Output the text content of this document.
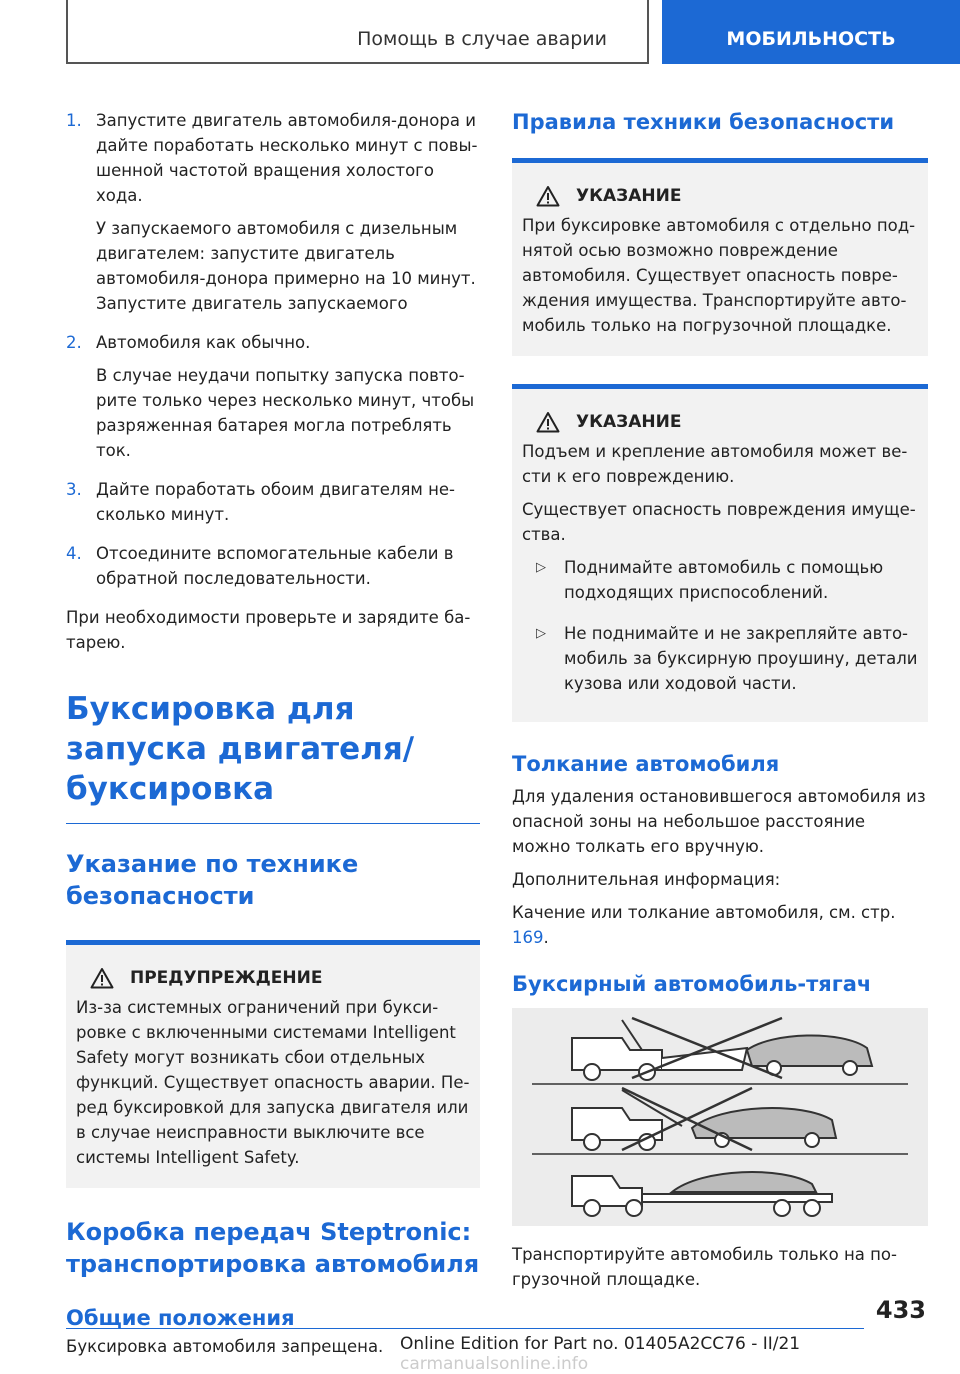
Помощь в случае аварии	МОБИЛЬНОСТЬ
1. Запустите двигатель автомобиля-донора и дайте поработать несколько минут с повы-шенной частотой вращения холостого хода.

У запускаемого автомобиля с дизельным двигателем: запустите двигатель автомобиля-донора примерно на 10 минут. Запустите двигатель запускаемого

2. Автомобиля как обычно.

В случае неудачи попытку запуска повто-рите только через несколько минут, чтобы разряженная батарея могла потреблять ток.

3. Дайте поработать обоим двигателям не-сколько минут.

4. Отсоедините вспомогательные кабели в обратной последовательности.

При необходимости проверьте и зарядите ба-тарею.

Буксировка для запуска двигателя/буксировка
Указание по технике безопасности
ПРЕДУПРЕЖДЕНИЕ

Из-за системных ограничений при букси-ровке с включенными системами Intelligent Safety могут возникать сбои отдельных функций. Существует опасность аварии. Пе-ред буксировкой для запуска двигателя или в случае неисправности выключите все системы Intelligent Safety.

Коробка передач Steptronic: транспортировка автомобиля
Общие положения

Буксировка автомобиля запрещена.

Правила техники безопасности
УКАЗАНИЕ

При буксировке автомобиля с отдельно под-нятой осью возможно повреждение автомобиля. Существует опасность повре-ждения имущества. Транспортируйте авто-мобиль только на погрузочной площадке.

УКАЗАНИЕ

Подъем и крепление автомобиля может ве-сти к его повреждению.

Существует опасность повреждения имуще-ства.

▷	Поднимайте автомобиль с помощью подходящих приспособлений.

▷	Не поднимайте и не закрепляйте авто-мобиль за буксирную проушину, детали кузова или ходовой части.

Толкание автомобиля

Для удаления остановившегося автомобиля из опасной зоны на небольшое расстояние можно толкать его вручную.

Дополнительная информация:

Качение или толкание автомобиля, см. стр. 169.

Буксирный автомобиль-тягач

Транспортируйте автомобиль только на по-грузочной площадке.

433
Online Edition for Part no. 01405A2CC76 - II/21 carmanualsonline.info
